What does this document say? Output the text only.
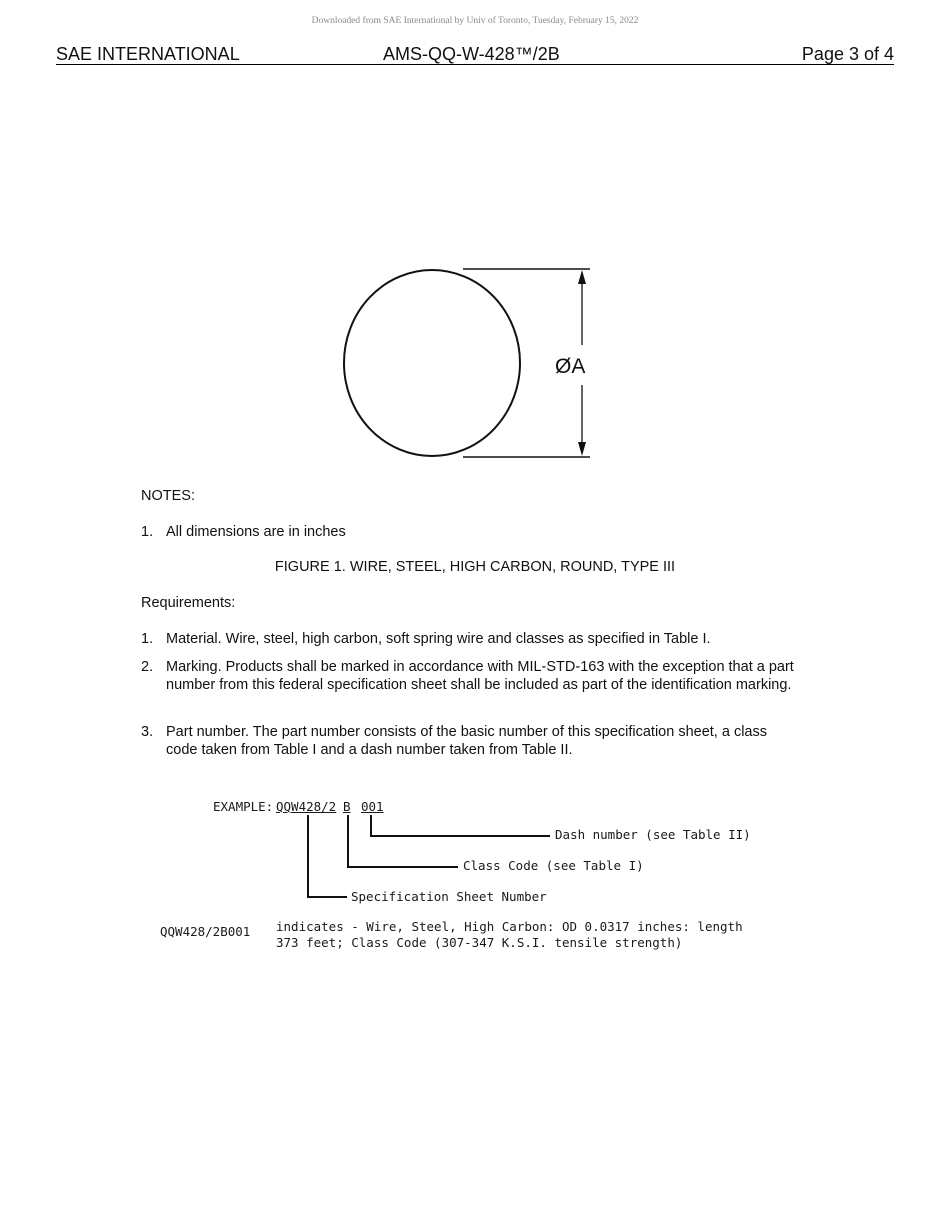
Downloaded from SAE International by Univ of Toronto, Tuesday, February 15, 2022
SAE INTERNATIONAL	AMS-QQ-W-428™/2B	Page 3 of 4
ØA
NOTES:
1. All dimensions are in inches
FIGURE 1. WIRE, STEEL, HIGH CARBON, ROUND, TYPE III
Requirements:
1. Material. Wire, steel, high carbon, soft spring wire and classes as specified in Table I.
2. Marking. Products shall be marked in accordance with MIL-STD-163 with the exception that a part number from this federal specification sheet shall be included as part of the identification marking.
3. Part number. The part number consists of the basic number of this specification sheet, a class code taken from Table I and a dash number taken from Table II.
EXAMPLE: QQW428/2 B 001
Dash number (see Table II)
Class Code (see Table I)
Specification Sheet Number
QQW428/2B001 indicates - Wire, Steel, High Carbon: OD 0.0317 inches: length
373 feet; Class Code (307-347 K.S.I. tensile strength)
